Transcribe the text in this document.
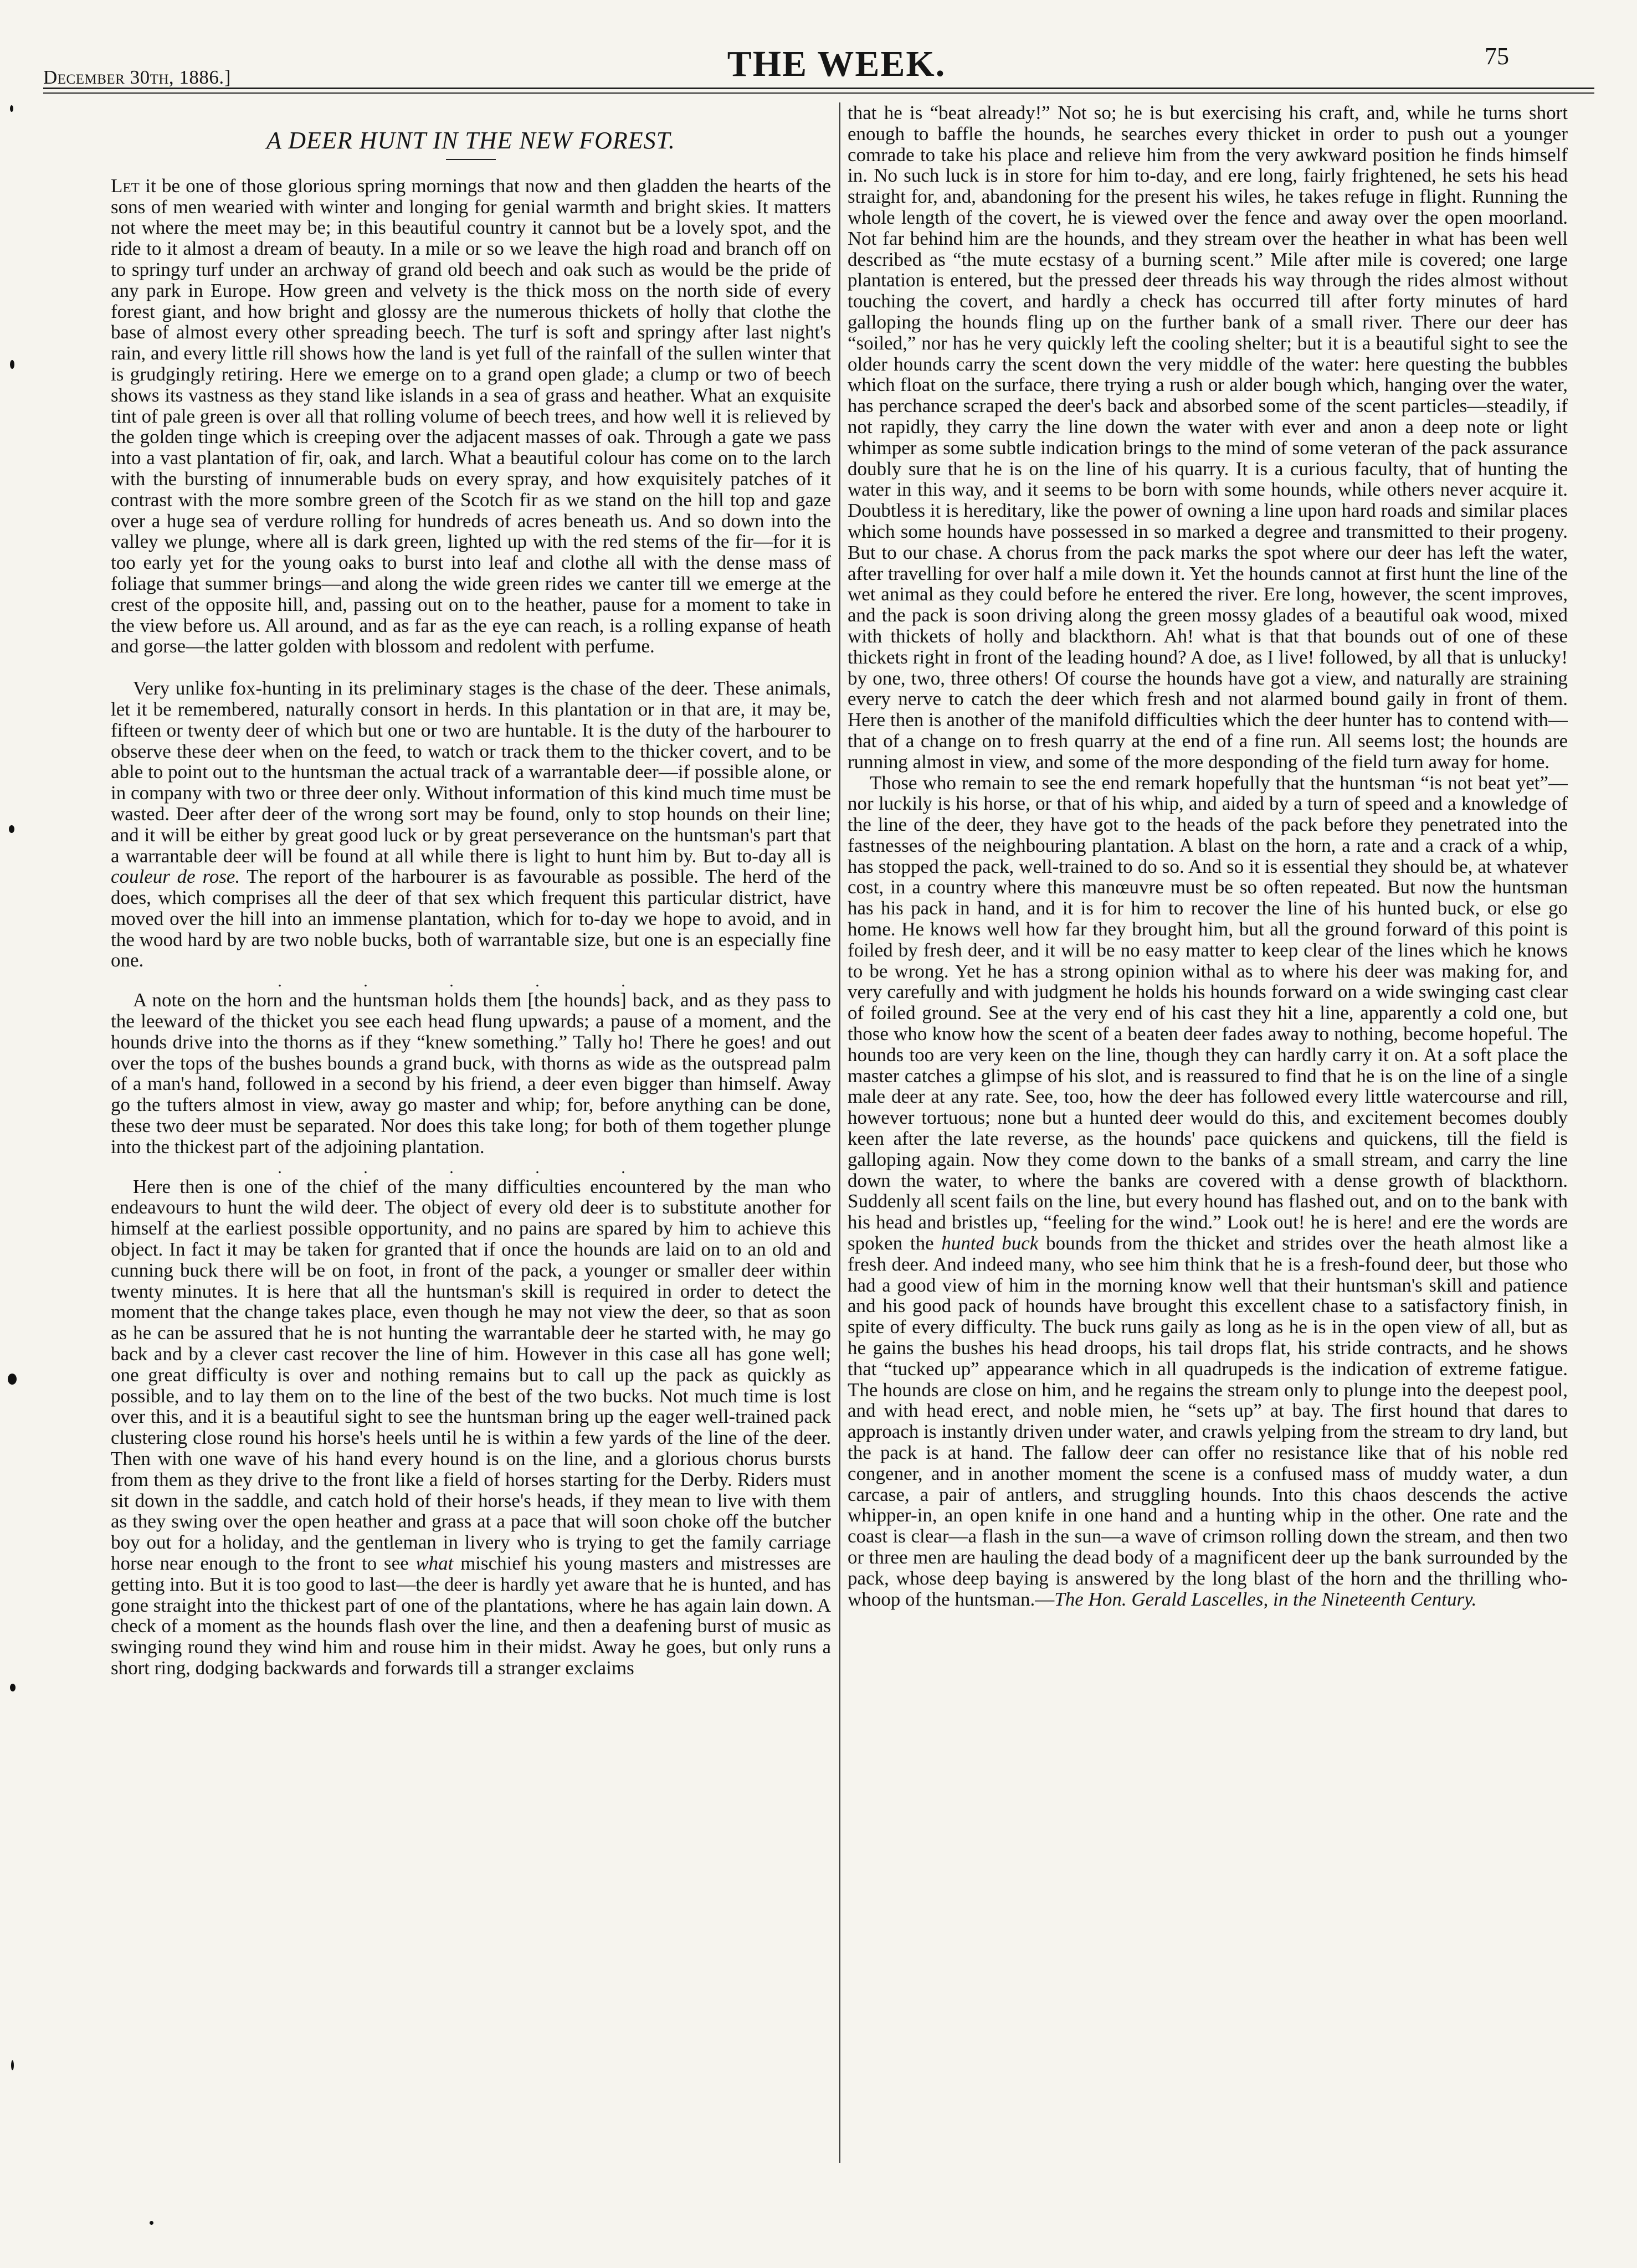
December 30th, 1886.]	THE WEEK.	75
A DEER HUNT IN THE NEW FOREST.

Let it be one of those glorious spring mornings that now and then gladden the hearts of the sons of men wearied with winter and longing for genial warmth and bright skies. It matters not where the meet may be; in this beautiful country it cannot but be a lovely spot, and the ride to it almost a dream of beauty. In a mile or so we leave the high road and branch off on to springy turf under an archway of grand old beech and oak such as would be the pride of any park in Europe. How green and velvety is the thick moss on the north side of every forest giant, and how bright and glossy are the numerous thickets of holly that clothe the base of almost every other spreading beech. The turf is soft and springy after last night's rain, and every little rill shows how the land is yet full of the rainfall of the sullen winter that is grudgingly retiring. Here we emerge on to a grand open glade; a clump or two of beech shows its vastness as they stand like islands in a sea of grass and heather. What an exquisite tint of pale green is over all that rolling volume of beech trees, and how well it is relieved by the golden tinge which is creeping over the adjacent masses of oak. Through a gate we pass into a vast plantation of fir, oak, and larch. What a beautiful colour has come on to the larch with the bursting of innumerable buds on every spray, and how exquisitely patches of it contrast with the more sombre green of the Scotch fir as we stand on the hill top and gaze over a huge sea of verdure rolling for hundreds of acres beneath us. And so down into the valley we plunge, where all is dark green, lighted up with the red stems of the fir—for it is too early yet for the young oaks to burst into leaf and clothe all with the dense mass of foliage that summer brings—and along the wide green rides we canter till we emerge at the crest of the opposite hill, and, passing out on to the heather, pause for a moment to take in the view before us. All around, and as far as the eye can reach, is a rolling expanse of heath and gorse—the latter golden with blossom and redolent with perfume.

Very unlike fox-hunting in its preliminary stages is the chase of the deer. These animals, let it be remembered, naturally consort in herds. In this plantation or in that are, it may be, fifteen or twenty deer of which but one or two are huntable. It is the duty of the harbourer to observe these deer when on the feed, to watch or track them to the thicker covert, and to be able to point out to the huntsman the actual track of a warrantable deer—if possible alone, or in company with two or three deer only. Without information of this kind much time must be wasted. Deer after deer of the wrong sort may be found, only to stop hounds on their line; and it will be either by great good luck or by great perseverance on the huntsman's part that a warrantable deer will be found at all while there is light to hunt him by. But to-day all is couleur de rose. The report of the harbourer is as favourable as possible. The herd of the does, which comprises all the deer of that sex which frequent this particular district, have moved over the hill into an immense plantation, which for to-day we hope to avoid, and in the wood hard by are two noble bucks, both of warrantable size, but one is an especially fine one.

. . . . .

A note on the horn and the huntsman holds them [the hounds] back, and as they pass to the leeward of the thicket you see each head flung upwards; a pause of a moment, and the hounds drive into the thorns as if they “knew something.” Tally ho! There he goes! and out over the tops of the bushes bounds a grand buck, with thorns as wide as the outspread palm of a man's hand, followed in a second by his friend, a deer even bigger than himself. Away go the tufters almost in view, away go master and whip; for, before anything can be done, these two deer must be separated. Nor does this take long; for both of them together plunge into the thickest part of the adjoining plantation.

. . . . .

Here then is one of the chief of the many difficulties encountered by the man who endeavours to hunt the wild deer. The object of every old deer is to substitute another for himself at the earliest possible opportunity, and no pains are spared by him to achieve this object. In fact it may be taken for granted that if once the hounds are laid on to an old and cunning buck there will be on foot, in front of the pack, a younger or smaller deer within twenty minutes. It is here that all the huntsman's skill is required in order to detect the moment that the change takes place, even though he may not view the deer, so that as soon as he can be assured that he is not hunting the warrantable deer he started with, he may go back and by a clever cast recover the line of him. However in this case all has gone well; one great difficulty is over and nothing remains but to call up the pack as quickly as possible, and to lay them on to the line of the best of the two bucks. Not much time is lost over this, and it is a beautiful sight to see the huntsman bring up the eager well-trained pack clustering close round his horse's heels until he is within a few yards of the line of the deer. Then with one wave of his hand every hound is on the line, and a glorious chorus bursts from them as they drive to the front like a field of horses starting for the Derby. Riders must sit down in the saddle, and catch hold of their horse's heads, if they mean to live with them as they swing over the open heather and grass at a pace that will soon choke off the butcher boy out for a holiday, and the gentleman in livery who is trying to get the family carriage horse near enough to the front to see what mischief his young masters and mistresses are getting into. But it is too good to last—the deer is hardly yet aware that he is hunted, and has gone straight into the thickest part of one of the plantations, where he has again lain down. A check of a moment as the hounds flash over the line, and then a deafening burst of music as swinging round they wind him and rouse him in their midst. Away he goes, but only runs a short ring, dodging backwards and forwards till a stranger exclaims

that he is “beat already!” Not so; he is but exercising his craft, and, while he turns short enough to baffle the hounds, he searches every thicket in order to push out a younger comrade to take his place and relieve him from the very awkward position he finds himself in. No such luck is in store for him to-day, and ere long, fairly frightened, he sets his head straight for, and, abandoning for the present his wiles, he takes refuge in flight. Running the whole length of the covert, he is viewed over the fence and away over the open moorland. Not far behind him are the hounds, and they stream over the heather in what has been well described as “the mute ecstasy of a burning scent.” Mile after mile is covered; one large plantation is entered, but the pressed deer threads his way through the rides almost without touching the covert, and hardly a check has occurred till after forty minutes of hard galloping the hounds fling up on the further bank of a small river. There our deer has “soiled,” nor has he very quickly left the cooling shelter; but it is a beautiful sight to see the older hounds carry the scent down the very middle of the water: here questing the bubbles which float on the surface, there trying a rush or alder bough which, hanging over the water, has perchance scraped the deer's back and absorbed some of the scent particles—steadily, if not rapidly, they carry the line down the water with ever and anon a deep note or light whimper as some subtle indication brings to the mind of some veteran of the pack assurance doubly sure that he is on the line of his quarry. It is a curious faculty, that of hunting the water in this way, and it seems to be born with some hounds, while others never acquire it. Doubtless it is hereditary, like the power of owning a line upon hard roads and similar places which some hounds have possessed in so marked a degree and transmitted to their progeny. But to our chase. A chorus from the pack marks the spot where our deer has left the water, after travelling for over half a mile down it. Yet the hounds cannot at first hunt the line of the wet animal as they could before he entered the river. Ere long, however, the scent improves, and the pack is soon driving along the green mossy glades of a beautiful oak wood, mixed with thickets of holly and blackthorn. Ah! what is that that bounds out of one of these thickets right in front of the leading hound? A doe, as I live! followed, by all that is unlucky! by one, two, three others! Of course the hounds have got a view, and naturally are straining every nerve to catch the deer which fresh and not alarmed bound gaily in front of them. Here then is another of the manifold difficulties which the deer hunter has to contend with—that of a change on to fresh quarry at the end of a fine run. All seems lost; the hounds are running almost in view, and some of the more desponding of the field turn away for home.

Those who remain to see the end remark hopefully that the huntsman “is not beat yet”—nor luckily is his horse, or that of his whip, and aided by a turn of speed and a knowledge of the line of the deer, they have got to the heads of the pack before they penetrated into the fastnesses of the neighbouring plantation. A blast on the horn, a rate and a crack of a whip, has stopped the pack, well-trained to do so. And so it is essential they should be, at whatever cost, in a country where this manœuvre must be so often repeated. But now the huntsman has his pack in hand, and it is for him to recover the line of his hunted buck, or else go home. He knows well how far they brought him, but all the ground forward of this point is foiled by fresh deer, and it will be no easy matter to keep clear of the lines which he knows to be wrong. Yet he has a strong opinion withal as to where his deer was making for, and very carefully and with judgment he holds his hounds forward on a wide swinging cast clear of foiled ground. See at the very end of his cast they hit a line, apparently a cold one, but those who know how the scent of a beaten deer fades away to nothing, become hopeful. The hounds too are very keen on the line, though they can hardly carry it on. At a soft place the master catches a glimpse of his slot, and is reassured to find that he is on the line of a single male deer at any rate. See, too, how the deer has followed every little watercourse and rill, however tortuous; none but a hunted deer would do this, and excitement becomes doubly keen after the late reverse, as the hounds' pace quickens and quickens, till the field is galloping again. Now they come down to the banks of a small stream, and carry the line down the water, to where the banks are covered with a dense growth of blackthorn. Suddenly all scent fails on the line, but every hound has flashed out, and on to the bank with his head and bristles up, “feeling for the wind.” Look out! he is here! and ere the words are spoken the hunted buck bounds from the thicket and strides over the heath almost like a fresh deer. And indeed many, who see him think that he is a fresh-found deer, but those who had a good view of him in the morning know well that their huntsman's skill and patience and his good pack of hounds have brought this excellent chase to a satisfactory finish, in spite of every difficulty. The buck runs gaily as long as he is in the open view of all, but as he gains the bushes his head droops, his tail drops flat, his stride contracts, and he shows that “tucked up” appearance which in all quadrupeds is the indication of extreme fatigue. The hounds are close on him, and he regains the stream only to plunge into the deepest pool, and with head erect, and noble mien, he “sets up” at bay. The first hound that dares to approach is instantly driven under water, and crawls yelping from the stream to dry land, but the pack is at hand. The fallow deer can offer no resistance like that of his noble red congener, and in another moment the scene is a confused mass of muddy water, a dun carcase, a pair of antlers, and struggling hounds. Into this chaos descends the active whipper-in, an open knife in one hand and a hunting whip in the other. One rate and the coast is clear—a flash in the sun—a wave of crimson rolling down the stream, and then two or three men are hauling the dead body of a magnificent deer up the bank surrounded by the pack, whose deep baying is answered by the long blast of the horn and the thrilling who-whoop of the huntsman.—The Hon. Gerald Lascelles, in the Nineteenth Century.
